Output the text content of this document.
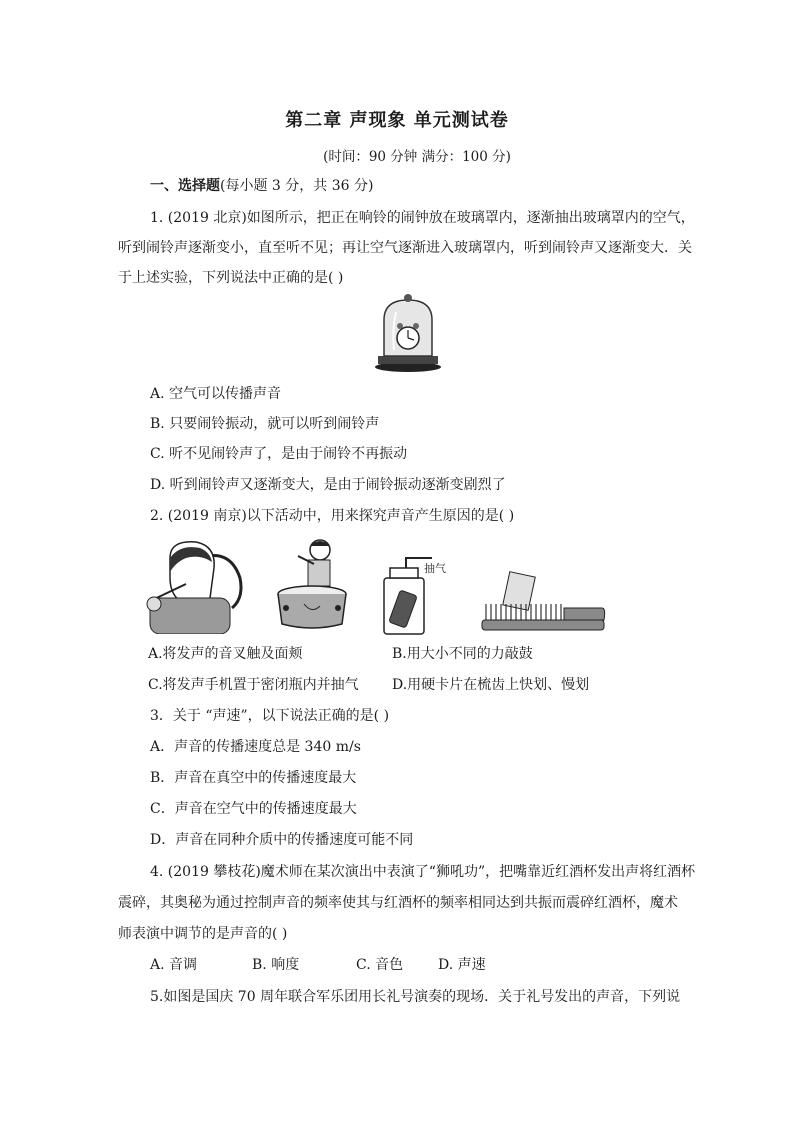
第二章 声现象 单元测试卷
(时间：90 分钟 满分：100 分)
一、选择题(每小题 3 分，共 36 分)
1. (2019 北京)如图所示，把正在响铃的闹钟放在玻璃罩内，逐渐抽出玻璃罩内的空气，
听到闹铃声逐渐变小，直至听不见；再让空气逐渐进入玻璃罩内，听到闹铃声又逐渐变大．关
于上述实验，下列说法中正确的是( )
A. 空气可以传播声音
B. 只要闹铃振动，就可以听到闹铃声
C. 听不见闹铃声了，是由于闹铃不再振动
D. 听到闹铃声又逐渐变大，是由于闹铃振动逐渐变剧烈了
2. (2019 南京)以下活动中，用来探究声音产生原因的是( )
抽气
A.将发声的音叉触及面颊	B.用大小不同的力敲鼓
C.将发声手机置于密闭瓶内并抽气 D.用硬卡片在梳齿上快划、慢划
3．关于 “声速”，以下说法正确的是( )
A．声音的传播速度总是 340 m/s
B．声音在真空中的传播速度最大
C．声音在空气中的传播速度最大
D．声音在同种介质中的传播速度可能不同
4. (2019 攀枝花)魔术师在某次演出中表演了“狮吼功”，把嘴靠近红酒杯发出声将红酒杯
震碎，其奥秘为通过控制声音的频率使其与红酒杯的频率相同达到共振而震碎红酒杯，魔术
师表演中调节的是声音的( )
A. 音调	B. 响度	C. 音色 D. 声速
5.如图是国庆 70 周年联合军乐团用长礼号演奏的现场．关于礼号发出的声音，下列说
